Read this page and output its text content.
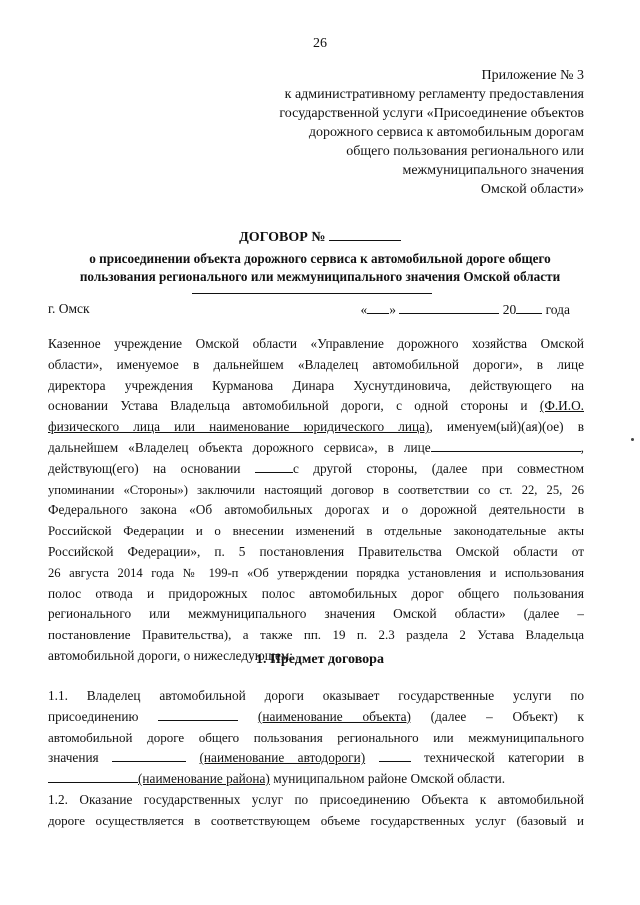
26
Приложение № 3
к административному регламенту предоставления
государственной услуги «Присоединение объектов
дорожного сервиса к автомобильным дорогам
общего пользования регионального или
межмуниципального значения
Омской области»
ДОГОВОР №
о присоединении объекта дорожного сервиса к автомобильной дороге общего
пользования регионального или межмуниципального значения Омской области
г. Омск	« »	20 года
Казенное учреждение Омской области «Управление дорожного хозяйства Омской
области», именуемое в дальнейшем «Владелец автомобильной дороги», в лице
директора учреждения Курманова Динара Хуснутдиновича, действующего на
основании Устава Владельца автомобильной дороги, с одной стороны и (Ф.И.О.
физического лица или наименование юридического лица), именуем(ый)(ая)(ое) в
дальнейшем «Владелец объекта дорожного сервиса», в лице	,
действующ(его) на основании	с другой стороны, (далее при совместном
упоминании «Стороны») заключили настоящий договор в соответствии со ст. 22, 25, 26
Федерального закона «Об автомобильных дорогах и о дорожной деятельности в
Российской Федерации и о внесении изменений в отдельные законодательные акты
Российской Федерации», п. 5 постановления Правительства Омской области от
26 августа 2014 года № 199-п «Об утверждении порядка установления и использования
полос отвода и придорожных полос автомобильных дорог общего пользования
регионального или межмуниципального значения Омской области» (далее –
постановление Правительства), а также пп. 19 п. 2.3 раздела 2 Устава Владельца
автомобильной дороги, о нижеследующем:
1. Предмет договора
1.1. Владелец автомобильной дороги оказывает государственные услуги по
присоединению	(наименование объекта) (далее – Объект) к
автомобильной дороге общего пользования регионального или межмуниципального
значения	(наименование автодороги)	технической категории в
(наименование района) муниципальном районе Омской области.
1.2. Оказание государственных услуг по присоединению Объекта к автомобильной
дороге осуществляется в соответствующем объеме государственных услуг (базовый и
